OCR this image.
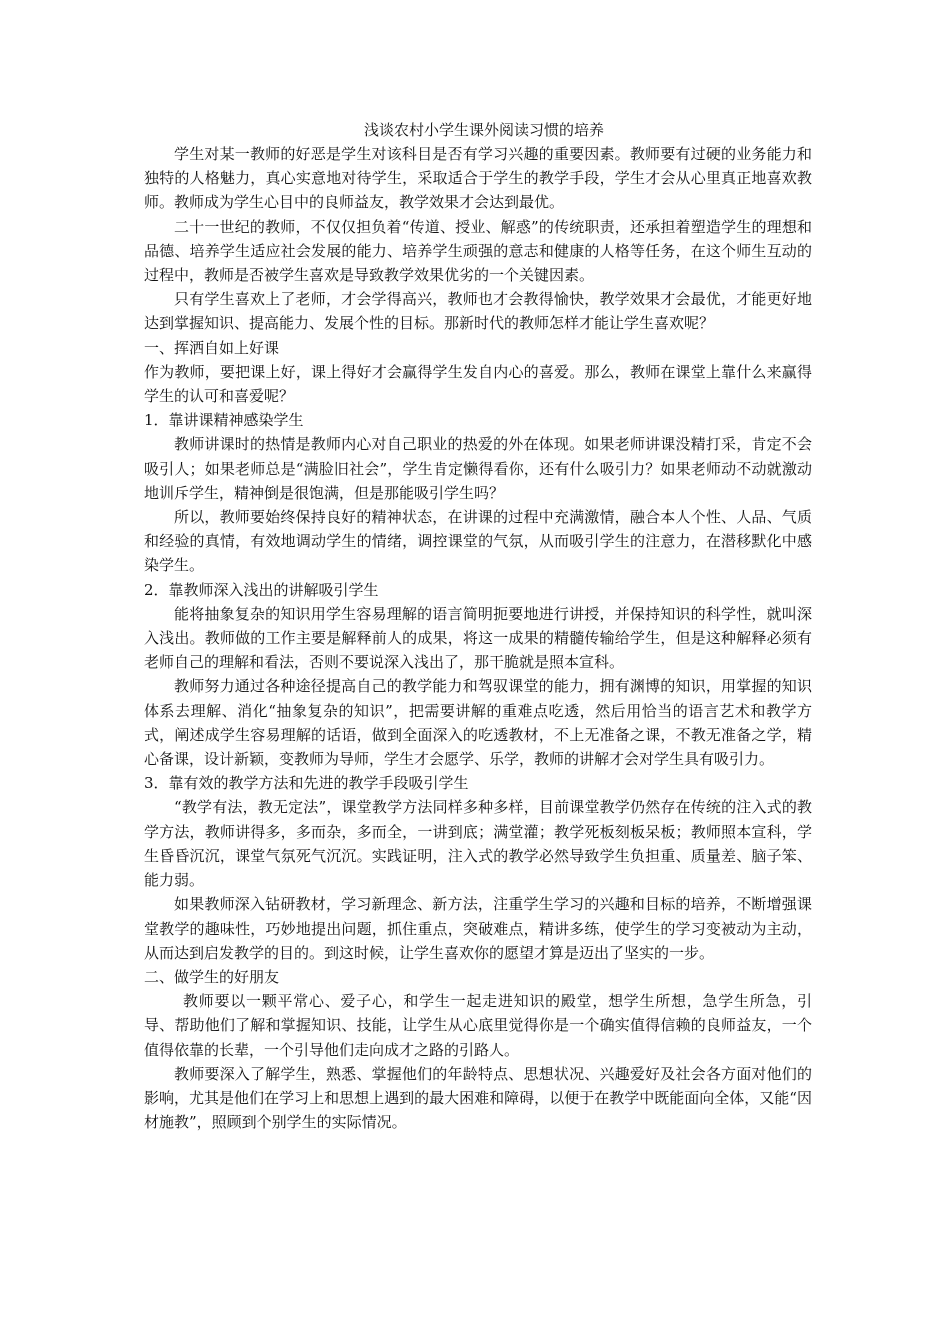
浅谈农村小学生课外阅读习惯的培养

学生对某一教师的好恶是学生对该科目是否有学习兴趣的重要因素。教师要有过硬的业务能力和独特的人格魅力，真心实意地对待学生，采取适合于学生的教学手段，学生才会从心里真正地喜欢教师。教师成为学生心目中的良师益友，教学效果才会达到最优。

二十一世纪的教师，不仅仅担负着“传道、授业、解惑”的传统职责，还承担着塑造学生的理想和品德、培养学生适应社会发展的能力、培养学生顽强的意志和健康的人格等任务，在这个师生互动的过程中，教师是否被学生喜欢是导致教学效果优劣的一个关键因素。

只有学生喜欢上了老师，才会学得高兴，教师也才会教得愉快，教学效果才会最优，才能更好地达到掌握知识、提高能力、发展个性的目标。那新时代的教师怎样才能让学生喜欢呢？

一、挥洒自如上好课

作为教师，要把课上好，课上得好才会赢得学生发自内心的喜爱。那么，教师在课堂上靠什么来赢得学生的认可和喜爱呢？

1．靠讲课精神感染学生

教师讲课时的热情是教师内心对自己职业的热爱的外在体现。如果老师讲课没精打采，肯定不会吸引人；如果老师总是“满脸旧社会”，学生肯定懒得看你，还有什么吸引力？如果老师动不动就激动地训斥学生，精神倒是很饱满，但是那能吸引学生吗？

所以，教师要始终保持良好的精神状态，在讲课的过程中充满激情，融合本人个性、人品、气质和经验的真情，有效地调动学生的情绪，调控课堂的气氛，从而吸引学生的注意力，在潜移默化中感染学生。

2．靠教师深入浅出的讲解吸引学生

能将抽象复杂的知识用学生容易理解的语言简明扼要地进行讲授，并保持知识的科学性，就叫深入浅出。教师做的工作主要是解释前人的成果，将这一成果的精髓传输给学生，但是这种解释必须有老师自己的理解和看法，否则不要说深入浅出了，那干脆就是照本宣科。

教师努力通过各种途径提高自己的教学能力和驾驭课堂的能力，拥有渊博的知识，用掌握的知识体系去理解、消化“抽象复杂的知识”，把需要讲解的重难点吃透，然后用恰当的语言艺术和教学方式，阐述成学生容易理解的话语，做到全面深入的吃透教材，不上无准备之课，不教无准备之学，精心备课，设计新颖，变教师为导师，学生才会愿学、乐学，教师的讲解才会对学生具有吸引力。

3．靠有效的教学方法和先进的教学手段吸引学生

“教学有法，教无定法”，课堂教学方法同样多种多样，目前课堂教学仍然存在传统的注入式的教学方法，教师讲得多，多而杂，多而全，一讲到底；满堂灌；教学死板刻板呆板；教师照本宣科，学生昏昏沉沉，课堂气氛死气沉沉。实践证明，注入式的教学必然导致学生负担重、质量差、脑子笨、能力弱。

如果教师深入钻研教材，学习新理念、新方法，注重学生学习的兴趣和目标的培养，不断增强课堂教学的趣味性，巧妙地提出问题，抓住重点，突破难点，精讲多练，使学生的学习变被动为主动，从而达到启发教学的目的。到这时候，让学生喜欢你的愿望才算是迈出了坚实的一步。

二、做学生的好朋友

教师要以一颗平常心、爱子心，和学生一起走进知识的殿堂，想学生所想，急学生所急，引导、帮助他们了解和掌握知识、技能，让学生从心底里觉得你是一个确实值得信赖的良师益友，一个值得依靠的长辈，一个引导他们走向成才之路的引路人。

教师要深入了解学生，熟悉、掌握他们的年龄特点、思想状况、兴趣爱好及社会各方面对他们的影响，尤其是他们在学习上和思想上遇到的最大困难和障碍，以便于在教学中既能面向全体，又能“因材施教”，照顾到个别学生的实际情况。
